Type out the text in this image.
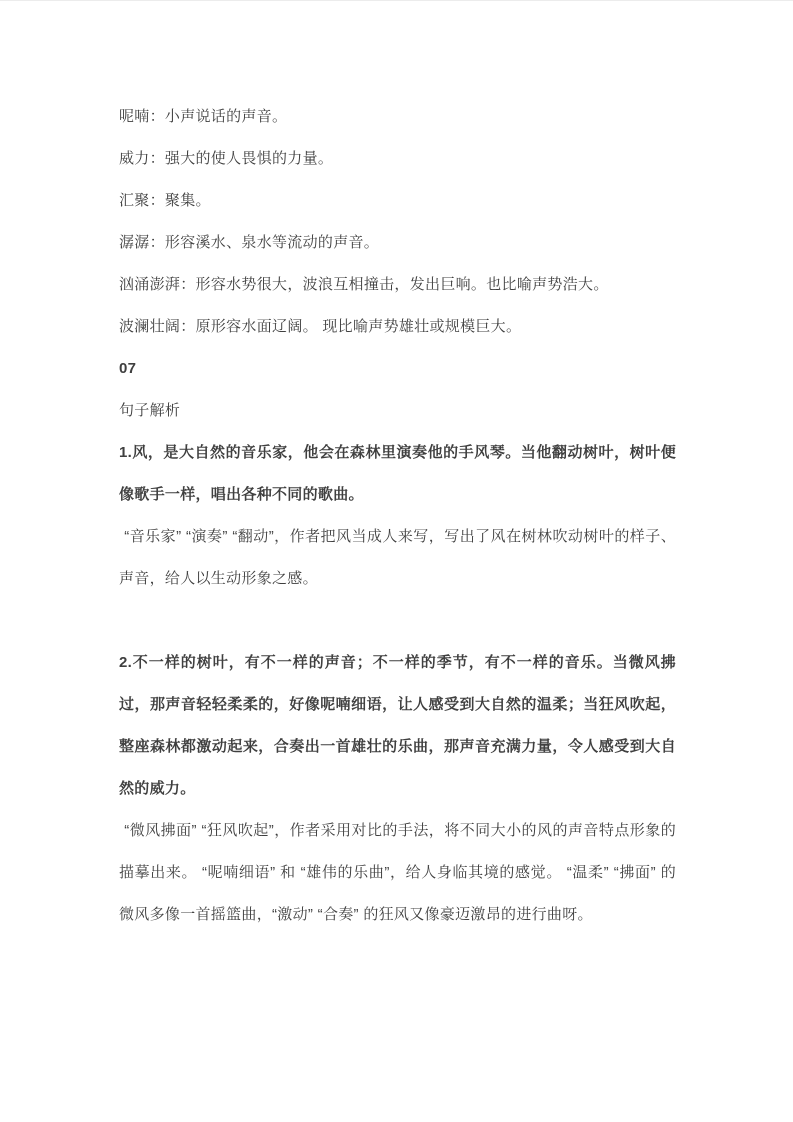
呢喃：小声说话的声音。

威力：强大的使人畏惧的力量。

汇聚：聚集。

潺潺：形容溪水、泉水等流动的声音。

汹涌澎湃：形容水势很大，波浪互相撞击，发出巨响。也比喻声势浩大。

波澜壮阔：原形容水面辽阔。 现比喻声势雄壮或规模巨大。

07

句子解析

1.风，是大自然的音乐家，他会在森林里演奏他的手风琴。当他翻动树叶，树叶便像歌手一样，唱出各种不同的歌曲。

“音乐家” “演奏” “翻动”，作者把风当成人来写，写出了风在树林吹动树叶的样子、声音，给人以生动形象之感。

2.不一样的树叶，有不一样的声音；不一样的季节，有不一样的音乐。当微风拂过，那声音轻轻柔柔的，好像呢喃细语，让人感受到大自然的温柔；当狂风吹起，整座森林都激动起来，合奏出一首雄壮的乐曲，那声音充满力量，令人感受到大自然的威力。

“微风拂面” “狂风吹起”，作者采用对比的手法，将不同大小的风的声音特点形象的描摹出来。 “呢喃细语” 和 “雄伟的乐曲”，给人身临其境的感觉。 “温柔” “拂面” 的微风多像一首摇篮曲，“激动” “合奏” 的狂风又像豪迈激昂的进行曲呀。
